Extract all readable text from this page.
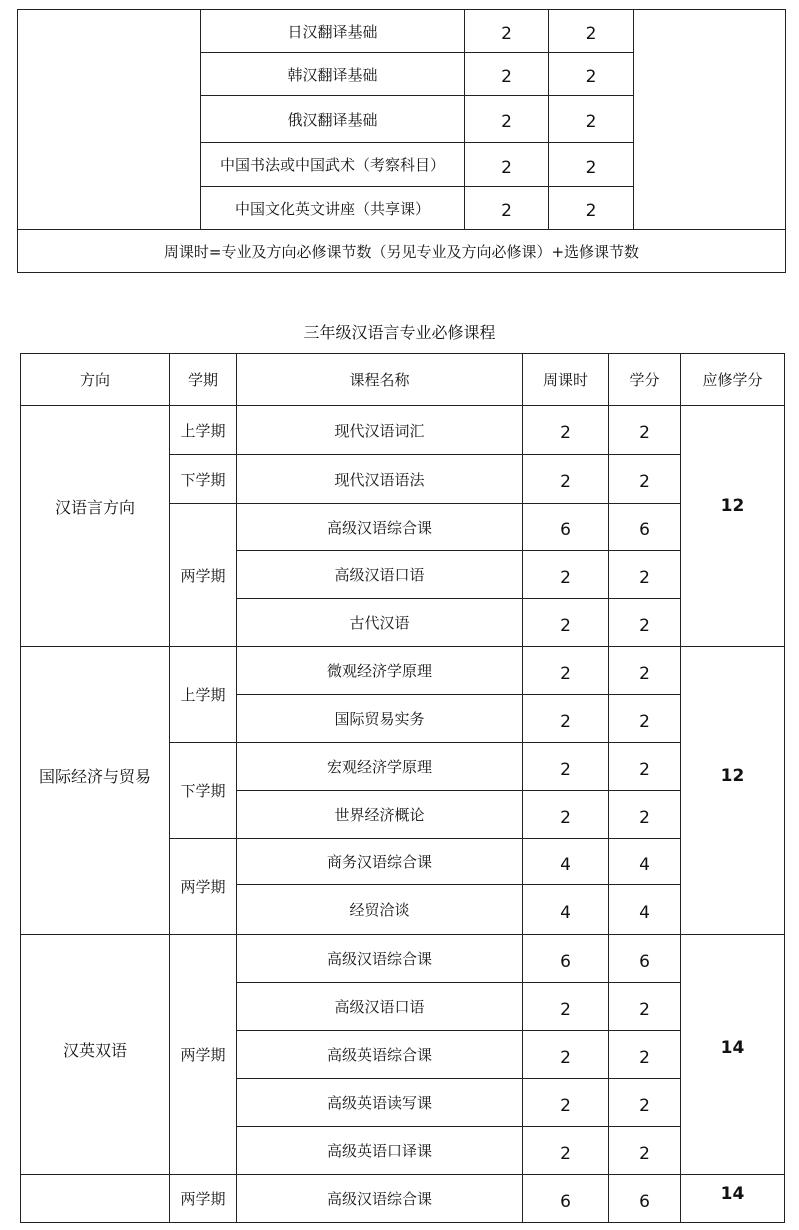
	日汉翻译基础	2	2	
	韩汉翻译基础	2	2	
	俄汉翻译基础	2	2	
	中国书法或中国武术（考察科目）	2	2	
	中国文化英文讲座（共享课）	2	2	
周课时=专业及方向必修课节数（另见专业及方向必修课）+选修课节数				
三年级汉语言专业必修课程
方向	学期	课程名称	周课时	学分	应修学分
汉语言方向	上学期	现代汉语词汇	2	2	12
	下学期	现代汉语语法	2	2	
	两学期	高级汉语综合课	6	6	
		高级汉语口语	2	2	
		古代汉语	2	2	
国际经济与贸易	上学期	微观经济学原理	2	2	12
		国际贸易实务	2	2	
	下学期	宏观经济学原理	2	2	
		世界经济概论	2	2	
	两学期	商务汉语综合课	4	4	
		经贸洽谈	4	4	
汉英双语	两学期	高级汉语综合课	6	6	14
		高级汉语口语	2	2	
		高级英语综合课	2	2	
		高级英语读写课	2	2	
		高级英语口译课	2	2	
	两学期	高级汉语综合课	6	6	14
